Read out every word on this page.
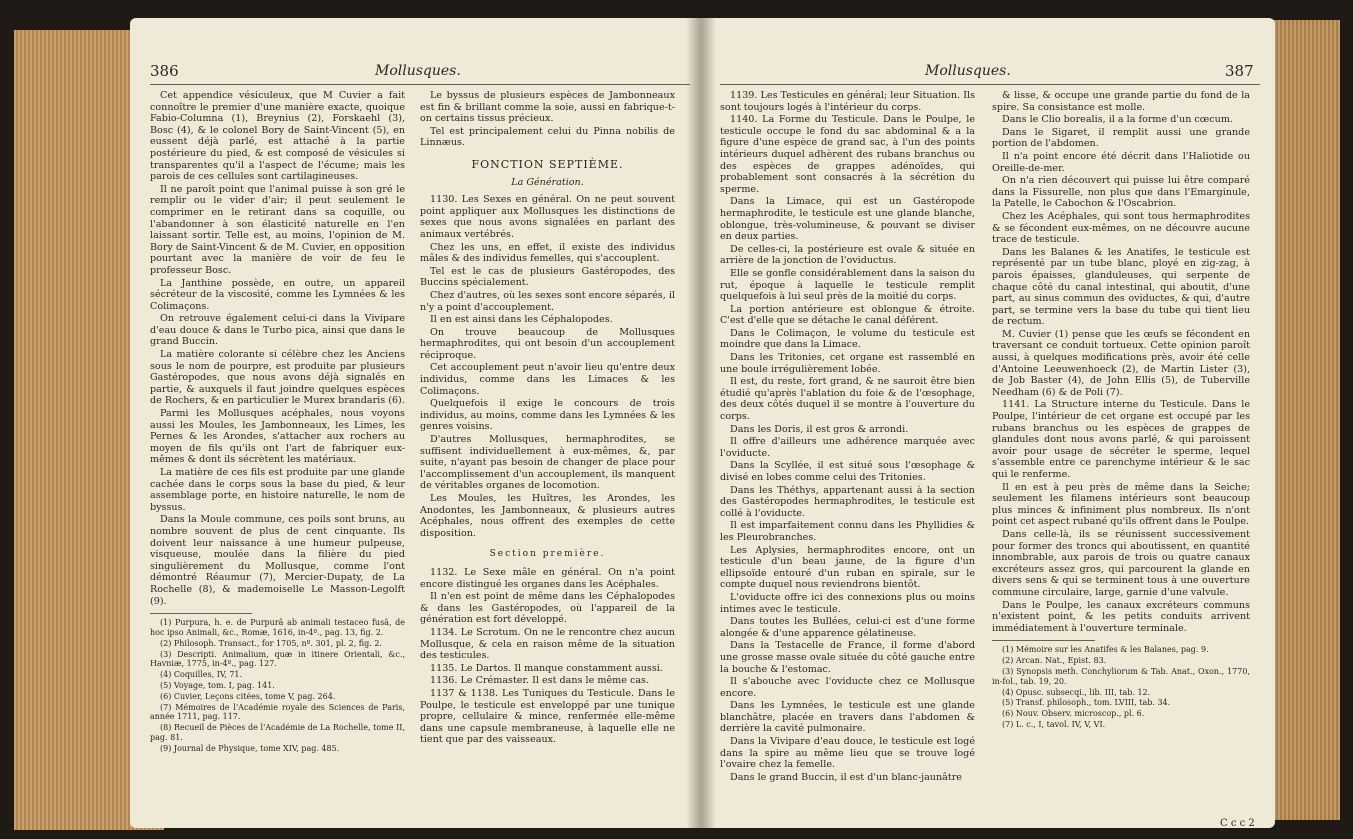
386	Mollusques.

Cet appendice vésiculeux, que M Cuvier a fait connoître le premier d'une manière exacte, quoique Fabio-Columna (1), Breynius (2), Forskaehl (3), Bosc (4), & le colonel Bory de Saint-Vincent (5), en eussent déjà parlé, est attaché à la partie postérieure du pied, & est composé de vésicules si transparentes qu'il a l'aspect de l'écume; mais les parois de ces cellules sont cartilagineuses.

Il ne paroît point que l'animal puisse à son gré le remplir ou le vider d'air; il peut seulement le comprimer en le retirant dans sa coquille, ou l'abandonner à son élasticité naturelle en l'en laissant sortir. Telle est, au moins, l'opinion de M. Bory de Saint-Vincent & de M. Cuvier, en opposition pourtant avec la manière de voir de feu le professeur Bosc.

La Janthine possède, en outre, un appareil sécréteur de la viscosité, comme les Lymnées & les Colimaçons.

On retrouve également celui-ci dans la Vivipare d'eau douce & dans le Turbo pica, ainsi que dans le grand Buccin.

La matière colorante si célèbre chez les Anciens sous le nom de pourpre, est produite par plusieurs Gastéropodes, que nous avons déjà signalés en partie, & auxquels il faut joindre quelques espèces de Rochers, & en particulier le Murex brandaris (6).

Parmi les Mollusques acéphales, nous voyons aussi les Moules, les Jambonneaux, les Limes, les Pernes & les Arondes, s'attacher aux rochers au moyen de fils qu'ils ont l'art de fabriquer eux-mêmes & dont ils sécrètent les matériaux.

La matière de ces fils est produite par une glande cachée dans le corps sous la base du pied, & leur assemblage porte, en histoire naturelle, le nom de byssus.

Dans la Moule commune, ces poils sont bruns, au nombre souvent de plus de cent cinquante. Ils doivent leur naissance à une humeur pulpeuse, visqueuse, moulée dans la filière du pied singulièrement du Mollusque, comme l'ont démontré Réaumur (7), Mercier-Dupaty, de La Rochelle (8), & mademoiselle Le Masson-Legolft (9).

(1) Purpura, h. e. de Purpurâ ab animali testaceo fusâ, de hoc ipso Animali, &c., Romæ, 1616, in-4º., pag. 13, fig. 2.

(2) Philosoph. Transact., for 1705, nº. 301, pl. 2, fig. 2.

(3) Descripti. Animalium, quæ in itinere Orientali, &c., Havniæ, 1775, in-4º., pag. 127.

(4) Coquilles, IV, 71.

(5) Voyage, tom. I, pag. 141.

(6) Cuvier, Leçons citées, tome V, pag. 264.

(7) Mémoires de l'Académie royale des Sciences de Paris, année 1711, pag. 117.

(8) Recueil de Pièces de l'Académie de La Rochelle, tome II, pag. 81.

(9) Journal de Physique, tome XIV, pag. 485.

Le byssus de plusieurs espèces de Jambonneaux est fin & brillant comme la soie, aussi en fabrique-t-on certains tissus précieux.

Tel est principalement celui du Pinna nobilis de Linnæus.

FONCTION SEPTIÈME.

La Génération.

1130. Les Sexes en général. On ne peut souvent point appliquer aux Mollusques les distinctions de sexes que nous avons signalées en parlant des animaux vertébrés.

Chez les uns, en effet, il existe des individus mâles & des individus femelles, qui s'accouplent.

Tel est le cas de plusieurs Gastéropodes, des Buccins spécialement.

Chez d'autres, où les sexes sont encore séparés, il n'y a point d'accouplement.

Il en est ainsi dans les Céphalopodes.

On trouve beaucoup de Mollusques hermaphrodites, qui ont besoin d'un accouplement réciproque.

Cet accouplement peut n'avoir lieu qu'entre deux individus, comme dans les Limaces & les Colimaçons.

Quelquefois il exige le concours de trois individus, au moins, comme dans les Lymnées & les genres voisins.

D'autres Mollusques, hermaphrodites, se suffisent individuellement à eux-mêmes, &, par suite, n'ayant pas besoin de changer de place pour l'accomplissement d'un accouplement, ils manquent de véritables organes de locomotion.

Les Moules, les Huîtres, les Arondes, les Anodontes, les Jambonneaux, & plusieurs autres Acéphales, nous offrent des exemples de cette disposition.

Section première.

1132. Le Sexe mâle en général. On n'a point encore distingué les organes dans les Acéphales.

Il n'en est point de même dans les Céphalopodes & dans les Gastéropodes, où l'appareil de la génération est fort développé.

1134. Le Scrotum. On ne le rencontre chez aucun Mollusque, & cela en raison même de la situation des testicules.

1135. Le Dartos. Il manque constamment aussi.

1136. Le Crémaster. Il est dans le même cas.

1137 & 1138. Les Tuniques du Testicule. Dans le Poulpe, le testicule est enveloppé par une tunique propre, cellulaire & mince, renfermée elle-même dans une capsule membraneuse, à laquelle elle ne tient que par des vaisseaux.

Mollusques.	387

1139. Les Testicules en général; leur Situation. Ils sont toujours logés à l'intérieur du corps.

1140. La Forme du Testicule. Dans le Poulpe, le testicule occupe le fond du sac abdominal & a la figure d'une espèce de grand sac, à l'un des points intérieurs duquel adhèrent des rubans branchus ou des espèces de grappes adénoïdes, qui probablement sont consacrés à la sécrétion du sperme.

Dans la Limace, qui est un Gastéropode hermaphrodite, le testicule est une glande blanche, oblongue, très-volumineuse, & pouvant se diviser en deux parties.

De celles-ci, la postérieure est ovale & située en arrière de la jonction de l'oviductus.

Elle se gonfle considérablement dans la saison du rut, époque à laquelle le testicule remplit quelquefois à lui seul près de la moitié du corps.

La portion antérieure est oblongue & étroite. C'est d'elle que se détache le canal déférent.

Dans le Colimaçon, le volume du testicule est moindre que dans la Limace.

Dans les Tritonies, cet organe est rassemblé en une boule irrégulièrement lobée.

Il est, du reste, fort grand, & ne sauroit être bien étudié qu'après l'ablation du foie & de l'œsophage, des deux côtés duquel il se montre à l'ouverture du corps.

Dans les Doris, il est gros & arrondi.

Il offre d'ailleurs une adhérence marquée avec l'oviducte.

Dans la Scyllée, il est situé sous l'œsophage & divisé en lobes comme celui des Tritonies.

Dans les Théthys, appartenant aussi à la section des Gastéropodes hermaphrodites, le testicule est collé à l'oviducte.

Il est imparfaitement connu dans les Phyllidies & les Pleurobranches.

Les Aplysies, hermaphrodites encore, ont un testicule d'un beau jaune, de la figure d'un ellipsoïde entouré d'un ruban en spirale, sur le compte duquel nous reviendrons bientôt.

L'oviducte offre ici des connexions plus ou moins intimes avec le testicule.

Dans toutes les Bullées, celui-ci est d'une forme alongée & d'une apparence gélatineuse.

Dans la Testacelle de France, il forme d'abord une grosse masse ovale située du côté gauche entre la bouche & l'estomac.

Il s'abouche avec l'oviducte chez ce Mollusque encore.

Dans les Lymnées, le testicule est une glande blanchâtre, placée en travers dans l'abdomen & derrière la cavité pulmonaire.

Dans la Vivipare d'eau douce, le testicule est logé dans la spire au même lieu que se trouve logé l'ovaire chez la femelle.

Dans le grand Buccin, il est d'un blanc-jaunâtre

& lisse, & occupe une grande partie du fond de la spire. Sa consistance est molle.

Dans le Clio borealis, il a la forme d'un cœcum.

Dans le Sigaret, il remplit aussi une grande portion de l'abdomen.

Il n'a point encore été décrit dans l'Haliotide ou Oreille-de-mer.

On n'a rien découvert qui puisse lui être comparé dans la Fissurelle, non plus que dans l'Emarginule, la Patelle, le Cabochon & l'Oscabrion.

Chez les Acéphales, qui sont tous hermaphrodites & se fécondent eux-mêmes, on ne découvre aucune trace de testicule.

Dans les Balanes & les Anatifes, le testicule est représenté par un tube blanc, ployé en zig-zag, à parois épaisses, glanduleuses, qui serpente de chaque côté du canal intestinal, qui aboutit, d'une part, au sinus commun des oviductes, & qui, d'autre part, se termine vers la base du tube qui tient lieu de rectum.

M. Cuvier (1) pense que les œufs se fécondent en traversant ce conduit tortueux. Cette opinion paroît aussi, à quelques modifications près, avoir été celle d'Antoine Leeuwenhoeck (2), de Martin Lister (3), de Job Baster (4), de John Ellis (5), de Tuberville Needham (6) & de Poli (7).

1141. La Structure interne du Testicule. Dans le Poulpe, l'intérieur de cet organe est occupé par les rubans branchus ou les espèces de grappes de glandules dont nous avons parlé, & qui paroissent avoir pour usage de sécréter le sperme, lequel s'assemble entre ce parenchyme intérieur & le sac qui le renferme.

Il en est à peu près de même dans la Seiche; seulement les filamens intérieurs sont beaucoup plus minces & infiniment plus nombreux. Ils n'ont point cet aspect rubané qu'ils offrent dans le Poulpe.

Dans celle-là, ils se réunissent successivement pour former des troncs qui aboutissent, en quantité innombrable, aux parois de trois ou quatre canaux excréteurs assez gros, qui parcourent la glande en divers sens & qui se terminent tous à une ouverture commune circulaire, large, garnie d'une valvule.

Dans le Poulpe, les canaux excréteurs communs n'existent point, & les petits conduits arrivent immédiatement à l'ouverture terminale.

(1) Mémoire sur les Anatifes & les Balanes, pag. 9.

(2) Arcan. Nat., Epist. 83.

(3) Synopsis meth. Conchyliorum & Tab. Anat., Oxon., 1770, in-fol., tab. 19, 20.

(4) Opusc. subsecqi., lib. III, tab. 12.

(5) Transf. philosoph., tom. LVIII, tab. 34.

(6) Nouv. Observ. microscop., pl. 6.

(7) L. c., I, tavol. IV, V, VI.

C c c 2
